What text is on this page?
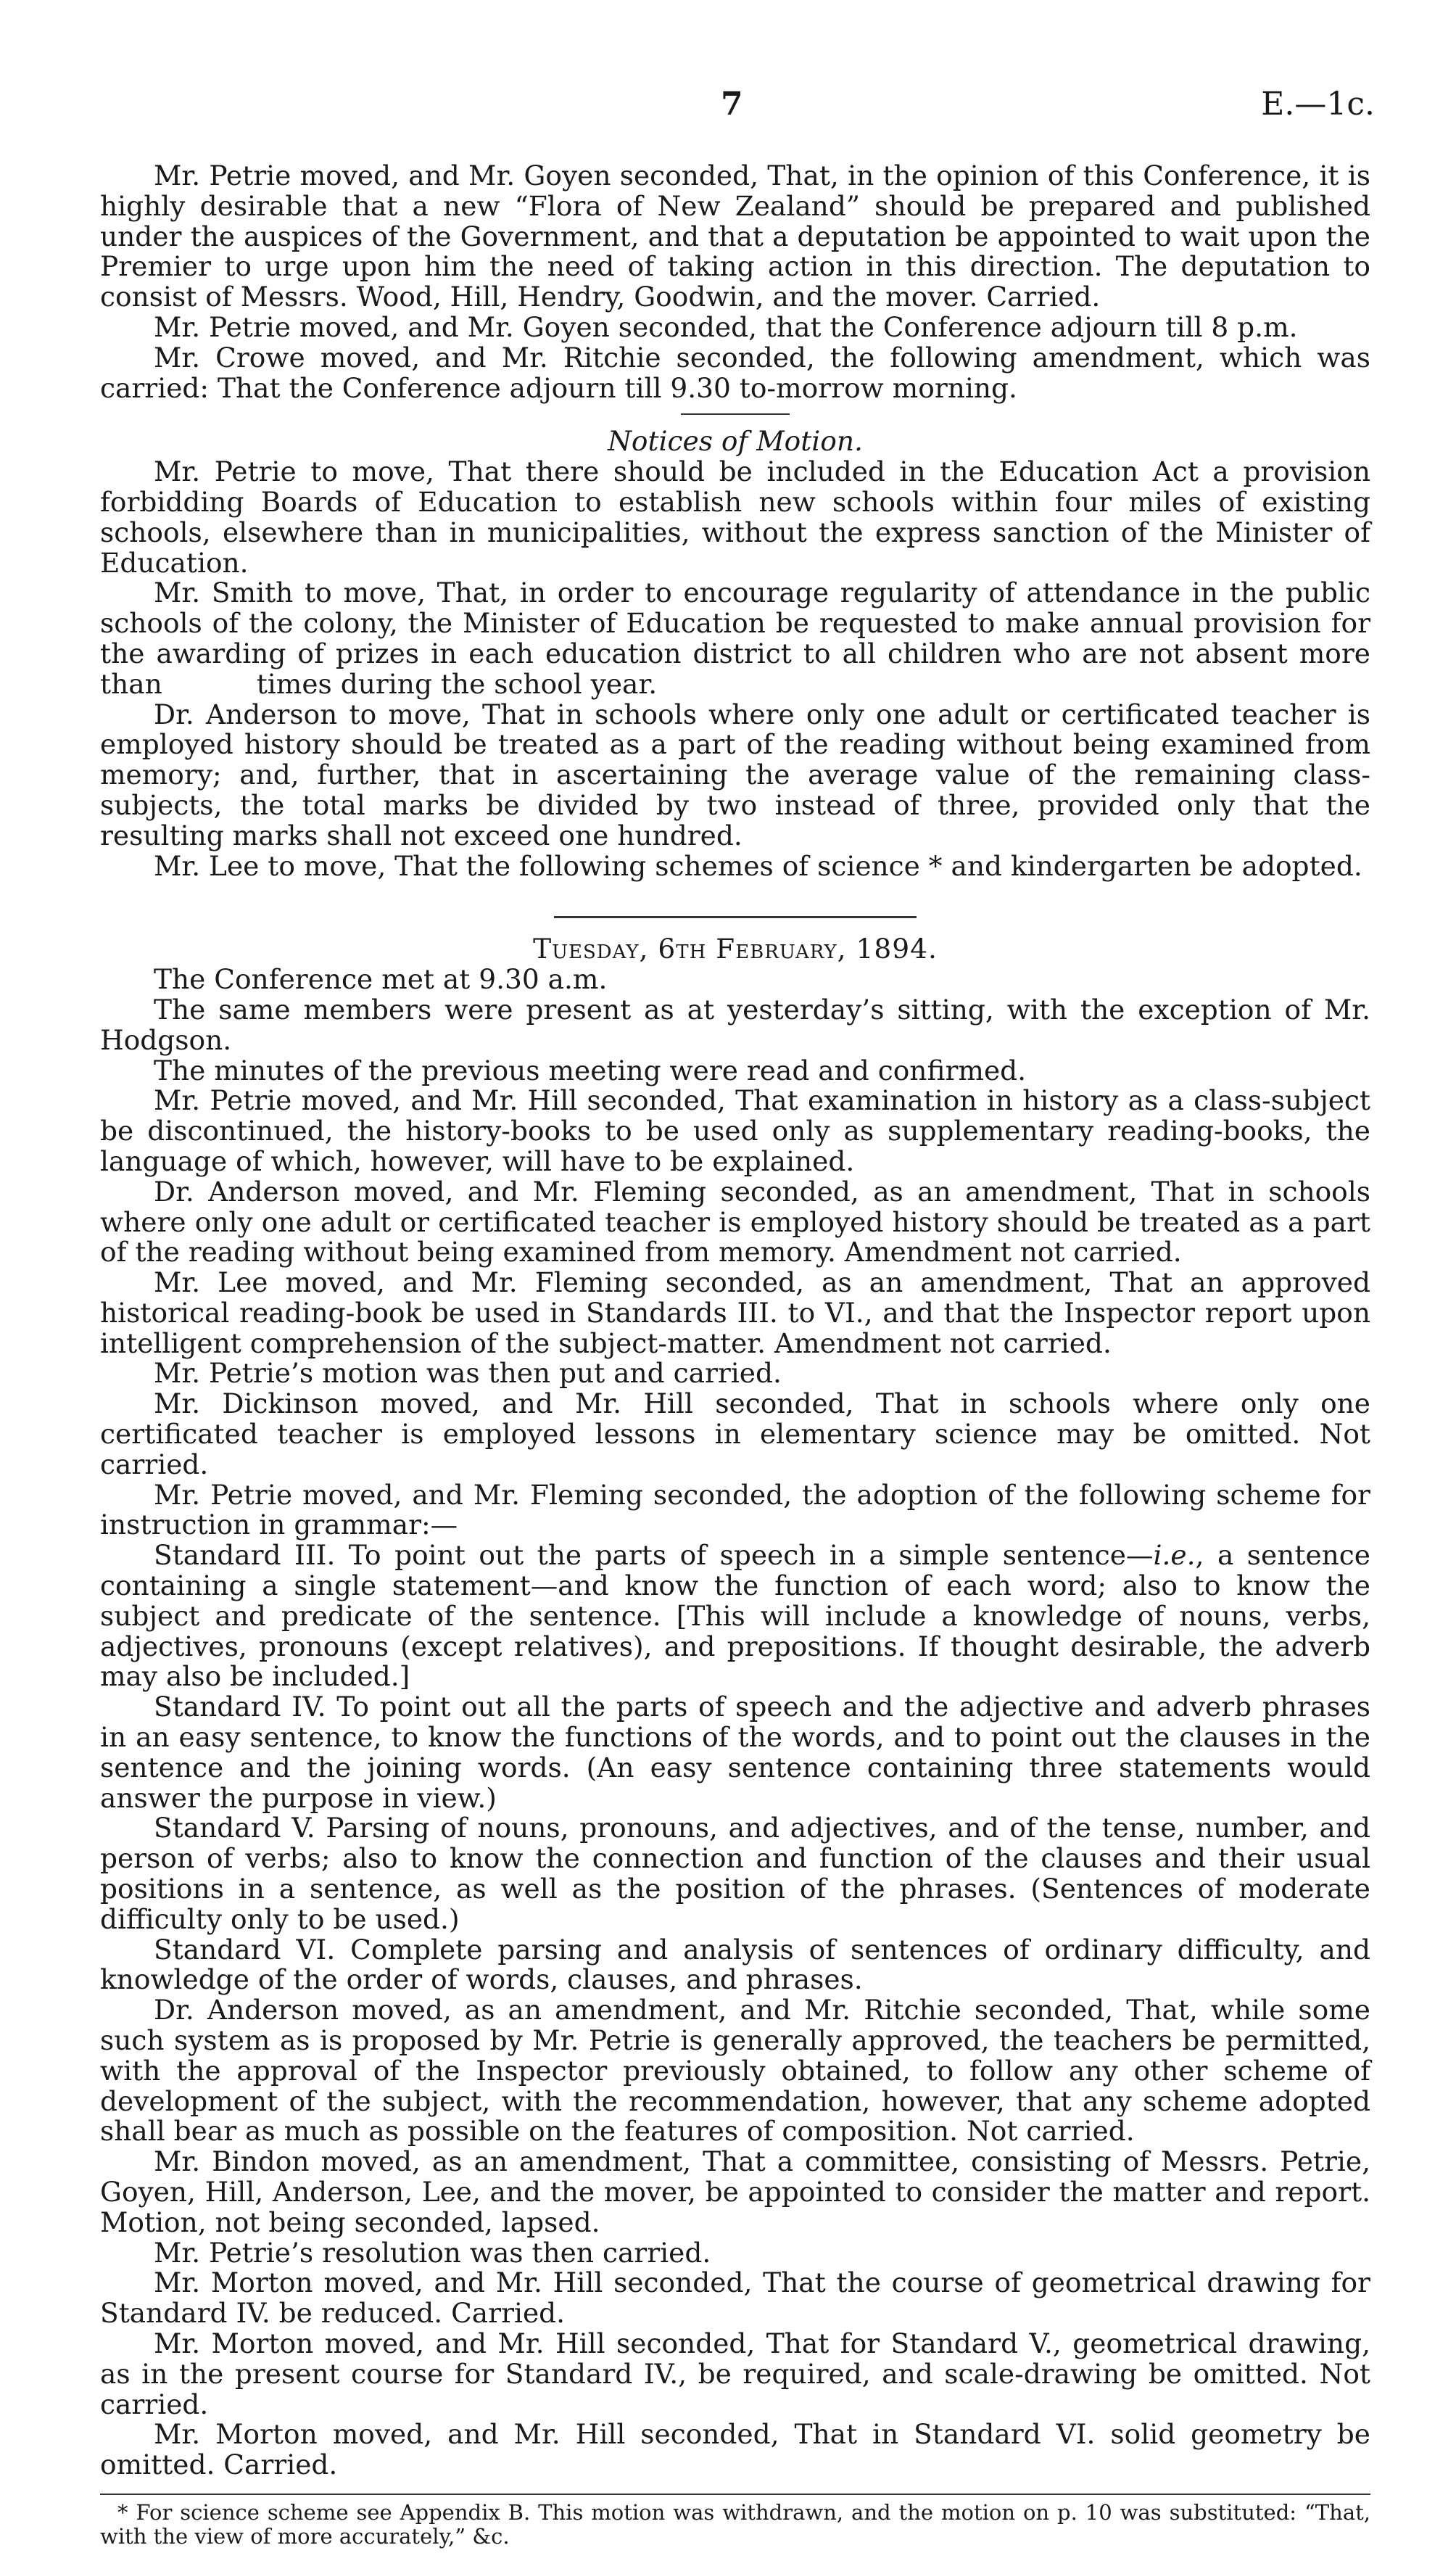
7	E.—1c.

Mr. Petrie moved, and Mr. Goyen seconded, That, in the opinion of this Conference, it is highly desirable that a new “Flora of New Zealand” should be prepared and published under the auspices of the Government, and that a deputation be appointed to wait upon the Premier to urge upon him the need of taking action in this direction. The deputation to consist of Messrs. Wood, Hill, Hendry, Goodwin, and the mover. Carried.

Mr. Petrie moved, and Mr. Goyen seconded, that the Conference adjourn till 8 p.m.

Mr. Crowe moved, and Mr. Ritchie seconded, the following amendment, which was carried: That the Conference adjourn till 9.30 to-morrow morning.

Notices of Motion.

Mr. Petrie to move, That there should be included in the Education Act a provision forbidding Boards of Education to establish new schools within four miles of existing schools, elsewhere than in municipalities, without the express sanction of the Minister of Education.

Mr. Smith to move, That, in order to encourage regularity of attendance in the public schools of the colony, the Minister of Education be requested to make annual provision for the awarding of prizes in each education district to all children who are not absent more than	times during the school year.

Dr. Anderson to move, That in schools where only one adult or certificated teacher is employed history should be treated as a part of the reading without being examined from memory; and, further, that in ascertaining the average value of the remaining class-subjects, the total marks be divided by two instead of three, provided only that the resulting marks shall not exceed one hundred.

Mr. Lee to move, That the following schemes of science * and kindergarten be adopted.

Tuesday, 6th February, 1894.

The Conference met at 9.30 a.m.

The same members were present as at yesterday’s sitting, with the exception of Mr. Hodgson.

The minutes of the previous meeting were read and confirmed.

Mr. Petrie moved, and Mr. Hill seconded, That examination in history as a class-subject be discontinued, the history-books to be used only as supplementary reading-books, the language of which, however, will have to be explained.

Dr. Anderson moved, and Mr. Fleming seconded, as an amendment, That in schools where only one adult or certificated teacher is employed history should be treated as a part of the reading without being examined from memory. Amendment not carried.

Mr. Lee moved, and Mr. Fleming seconded, as an amendment, That an approved historical reading-book be used in Standards III. to VI., and that the Inspector report upon intelligent comprehension of the subject-matter. Amendment not carried.

Mr. Petrie’s motion was then put and carried.

Mr. Dickinson moved, and Mr. Hill seconded, That in schools where only one certificated teacher is employed lessons in elementary science may be omitted. Not carried.

Mr. Petrie moved, and Mr. Fleming seconded, the adoption of the following scheme for instruction in grammar:—

Standard III. To point out the parts of speech in a simple sentence—i.e., a sentence containing a single statement—and know the function of each word; also to know the subject and predicate of the sentence. [This will include a knowledge of nouns, verbs, adjectives, pronouns (except relatives), and prepositions. If thought desirable, the adverb may also be included.]

Standard IV. To point out all the parts of speech and the adjective and adverb phrases in an easy sentence, to know the functions of the words, and to point out the clauses in the sentence and the joining words. (An easy sentence containing three statements would answer the purpose in view.)

Standard V. Parsing of nouns, pronouns, and adjectives, and of the tense, number, and person of verbs; also to know the connection and function of the clauses and their usual positions in a sentence, as well as the position of the phrases. (Sentences of moderate difficulty only to be used.)

Standard VI. Complete parsing and analysis of sentences of ordinary difficulty, and knowledge of the order of words, clauses, and phrases.

Dr. Anderson moved, as an amendment, and Mr. Ritchie seconded, That, while some such system as is proposed by Mr. Petrie is generally approved, the teachers be permitted, with the approval of the Inspector previously obtained, to follow any other scheme of development of the subject, with the recommendation, however, that any scheme adopted shall bear as much as possible on the features of composition. Not carried.

Mr. Bindon moved, as an amendment, That a committee, consisting of Messrs. Petrie, Goyen, Hill, Anderson, Lee, and the mover, be appointed to consider the matter and report. Motion, not being seconded, lapsed.

Mr. Petrie’s resolution was then carried.

Mr. Morton moved, and Mr. Hill seconded, That the course of geometrical drawing for Standard IV. be reduced. Carried.

Mr. Morton moved, and Mr. Hill seconded, That for Standard V., geometrical drawing, as in the present course for Standard IV., be required, and scale-drawing be omitted. Not carried.

Mr. Morton moved, and Mr. Hill seconded, That in Standard VI. solid geometry be omitted. Carried.

* For science scheme see Appendix B. This motion was withdrawn, and the motion on p. 10 was substituted: “That, with the view of more accurately,” &c.
